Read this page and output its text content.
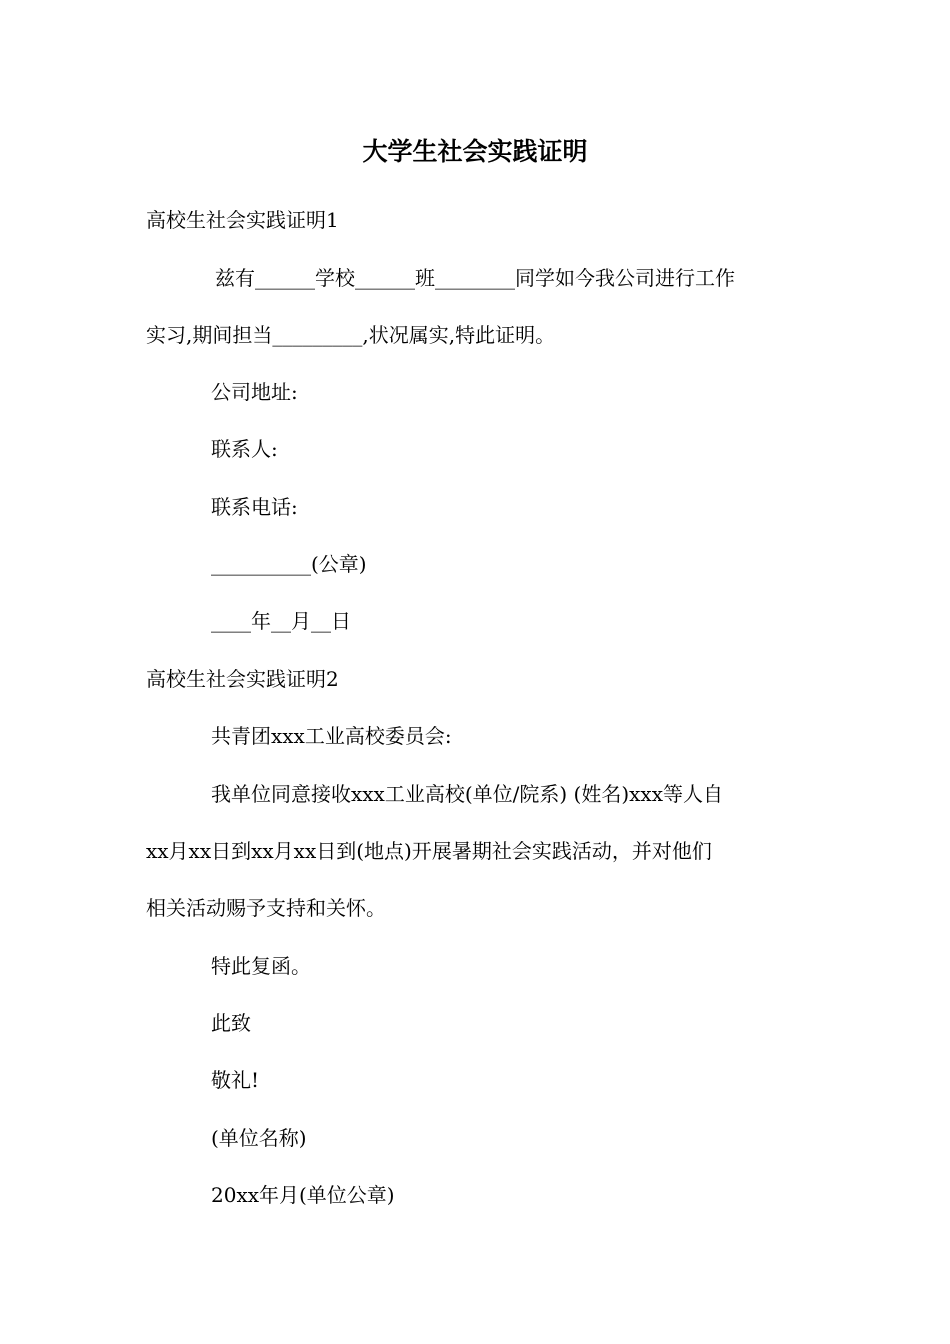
大学生社会实践证明

高校生社会实践证明1

兹有______学校______班________同学如今我公司进行工作

实习,期间担当_________,状况属实,特此证明。

公司地址:

联系人:

联系电话:

__________(公章)

____年__月__日

高校生社会实践证明2

共青团xxx工业高校委员会:

我单位同意接收xxx工业高校(单位/院系) (姓名)xxx等人自

xx月xx日到xx月xx日到(地点)开展暑期社会实践活动，并对他们

相关活动赐予支持和关怀。

特此复函。

此致

敬礼!

(单位名称)

20xx年月(单位公章)
